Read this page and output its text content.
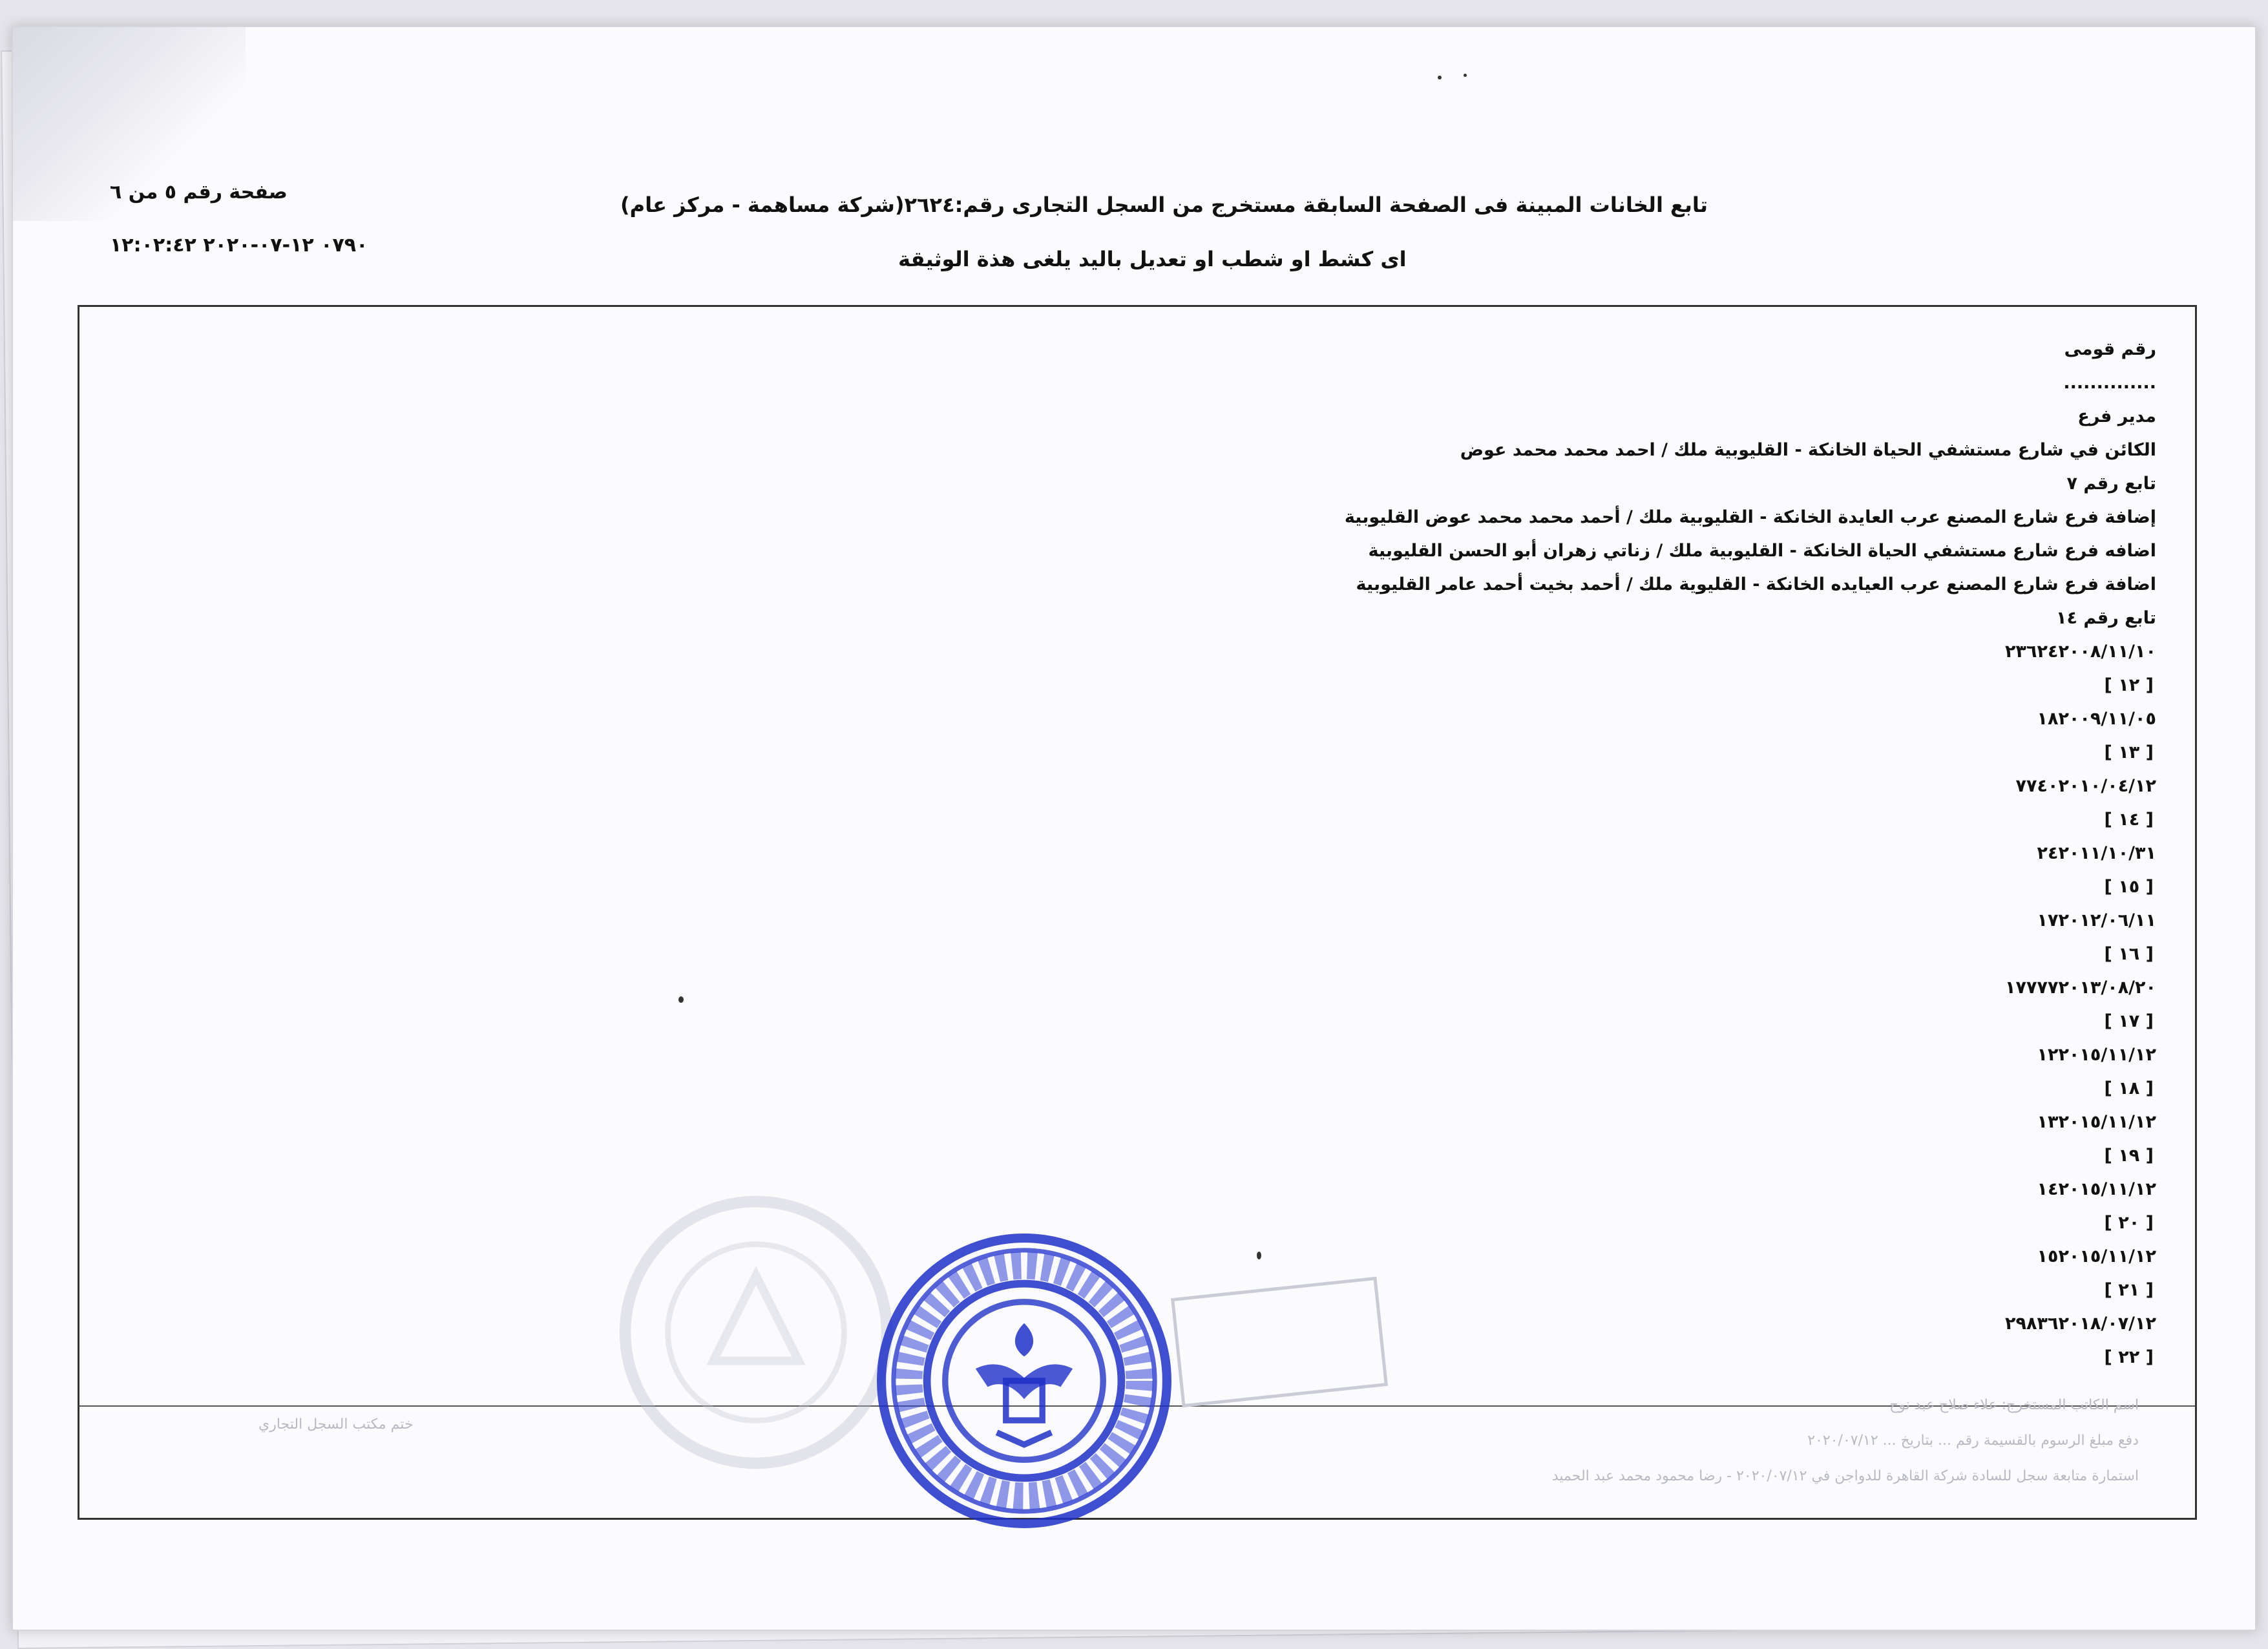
صفحة رقم ٥ من ٦
٠٧٩٠ ١٢-٠٧-٢٠٢٠ ١٢:٠٢:٤٢
تابع الخانات المبينة فى الصفحة السابقة مستخرج من السجل التجارى رقم:٢٦٢٤(شركة مساهمة - مركز عام)
اى كشط او شطب او تعديل باليد يلغى هذة الوثيقة
رقم قومى
..............
مدير فرع
الكائن في شارع مستشفي الحياة الخانكة - القليوبية ملك / احمد محمد محمد عوض
تابع رقم ٧
إضافة فرع شارع المصنع عرب العايدة الخانكة - القليوبية ملك / أحمد محمد محمد عوض القليوبية
اضافه فرع شارع مستشفي الحياة الخانكة - القليوبية ملك / زناتي زهران أبو الحسن القليوبية
اضافة فرع شارع المصنع عرب العيايده الخانكة - القليوية ملك / أحمد بخيت أحمد عامر القليوبية
تابع رقم ١٤
٢٣٦٢٤٢٠٠٨/١١/١٠
[ ١٢ ]
١٨٢٠٠٩/١١/٠٥
[ ١٣ ]
٧٧٤٠٢٠١٠/٠٤/١٢
[ ١٤ ]
٢٤٢٠١١/١٠/٣١
[ ١٥ ]
١٧٢٠١٢/٠٦/١١
[ ١٦ ]
١٧٧٧٧٢٠١٣/٠٨/٢٠
[ ١٧ ]
١٢٢٠١٥/١١/١٢
[ ١٨ ]
١٣٢٠١٥/١١/١٢
[ ١٩ ]
١٤٢٠١٥/١١/١٢
[ ٢٠ ]
١٥٢٠١٥/١١/١٢
[ ٢١ ]
٢٩٨٣٦٢٠١٨/٠٧/١٢
[ ٢٢ ]
اسم الكاتب المستخرج: علاء صلاح عبد نوح
دفع مبلغ الرسوم بالقسيمة رقم ... بتاريخ ... ٢٠٢٠/٠٧/١٢
استمارة متابعة سجل للسادة شركة القاهرة للدواجن في ٢٠٢٠/٠٧/١٢ - رضا محمود محمد عبد الحميد
ختم مكتب السجل التجاري
